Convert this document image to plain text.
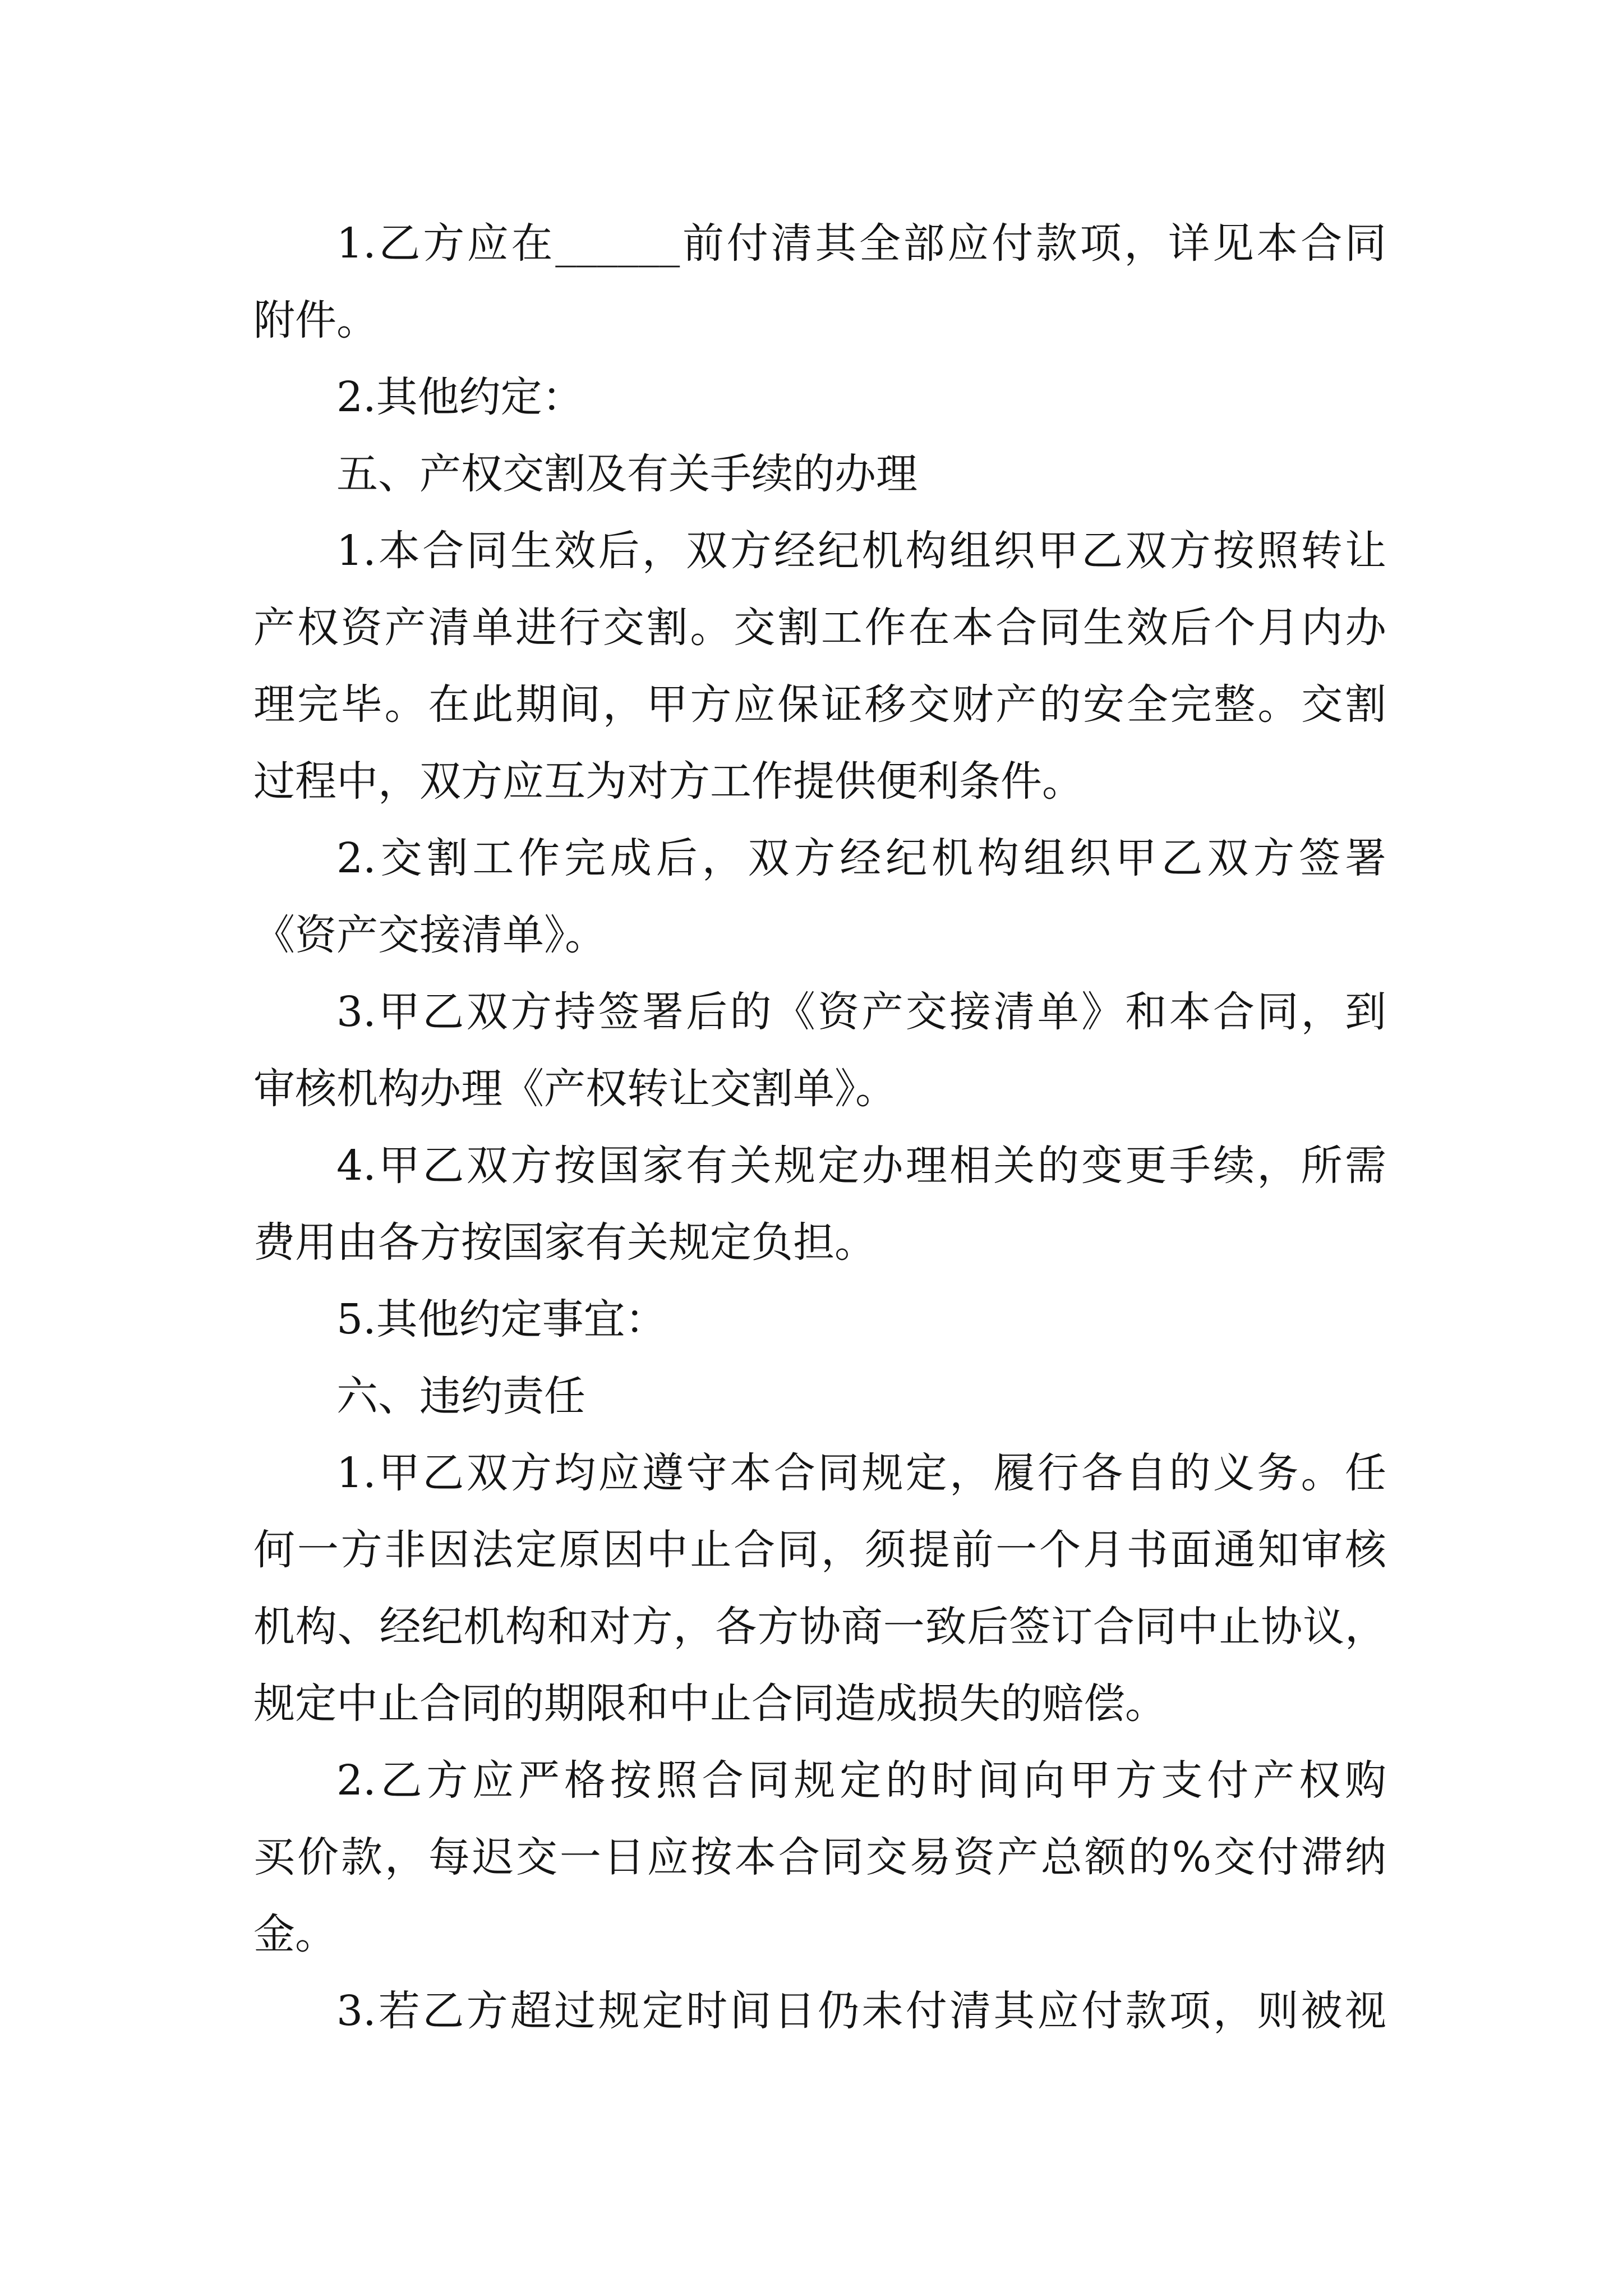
1.乙方应在______前付清其全部应付款项，详见本合同
附件。
2.其他约定：
五、产权交割及有关手续的办理
1.本合同生效后，双方经纪机构组织甲乙双方按照转让
产权资产清单进行交割。交割工作在本合同生效后个月内办
理完毕。在此期间，甲方应保证移交财产的安全完整。交割
过程中，双方应互为对方工作提供便利条件。
2.交割工作完成后，双方经纪机构组织甲乙双方签署
《资产交接清单》。
3.甲乙双方持签署后的《资产交接清单》和本合同，到
审核机构办理《产权转让交割单》。
4.甲乙双方按国家有关规定办理相关的变更手续，所需
费用由各方按国家有关规定负担。
5.其他约定事宜：
六、违约责任
1.甲乙双方均应遵守本合同规定，履行各自的义务。任
何一方非因法定原因中止合同，须提前一个月书面通知审核
机构、经纪机构和对方，各方协商一致后签订合同中止协议，
规定中止合同的期限和中止合同造成损失的赔偿。
2.乙方应严格按照合同规定的时间向甲方支付产权购
买价款，每迟交一日应按本合同交易资产总额的%交付滞纳
金。
3.若乙方超过规定时间日仍未付清其应付款项，则被视
